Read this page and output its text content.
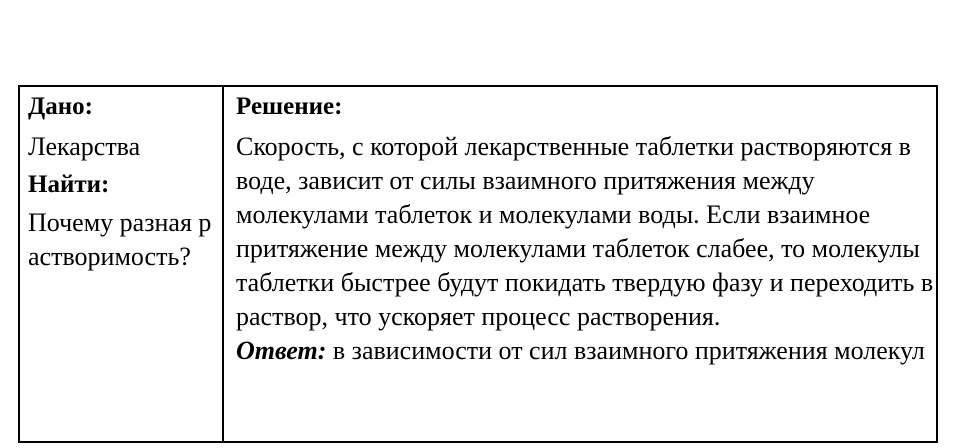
Дано:

Лекарства

Найти:

Почему разная растворимость?

Решение:

Скорость, с которой лекарственные таблетки растворяются в воде, зависит от силы взаимного притяжения между молекулами таблеток и молекулами воды. Если взаимное притяжение между молекулами таблеток слабее, то молекулы таблетки быстрее будут покидать твердую фазу и переходить в раствор, что ускоряет процесс растворения.

Ответ: в зависимости от сил взаимного притяжения молекул
